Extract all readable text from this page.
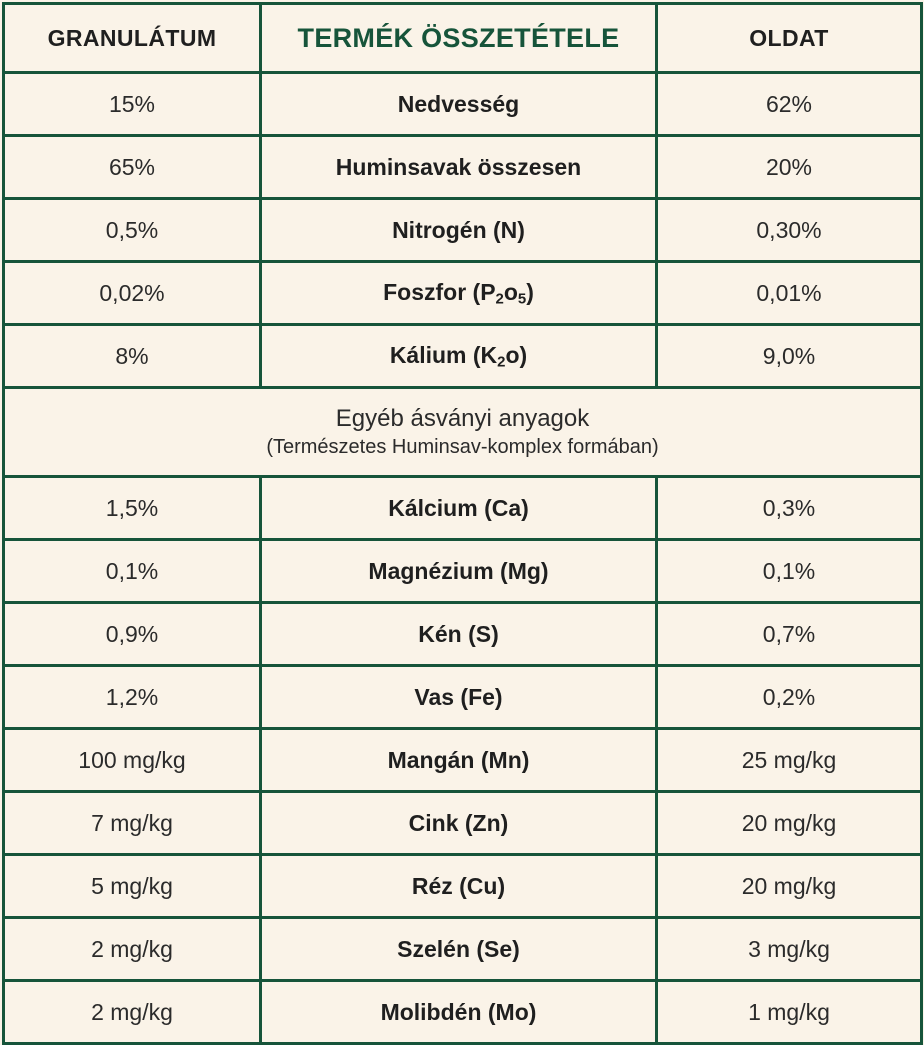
GRANULÁTUM	TERMÉK ÖSSZETÉTELE	OLDAT
15%	Nedvesség	62%
65%	Huminsavak összesen	20%
0,5%	Nitrogén (N)	0,30%
0,02%	Foszfor $(P_2o_5)$	0,01%
8%	Kálium $(K_2o)$	9,0%

Egyéb ásványi anyagok
(Természetes Huminsav-komplex formában)		

1,5%	Kálcium (Ca)	0,3%
0,1%	Magnézium (Mg)	0,1%
0,9%	Kén (S)	0,7%
1,2%	Vas (Fe)	0,2%
100 mg/kg	Mangán (Mn)	25 mg/kg
7 mg/kg	Cink (Zn)	20 mg/kg
5 mg/kg	Réz (Cu)	20 mg/kg
2 mg/kg	Szelén (Se)	3 mg/kg
2 mg/kg	Molibdén (Mo)	1 mg/kg
